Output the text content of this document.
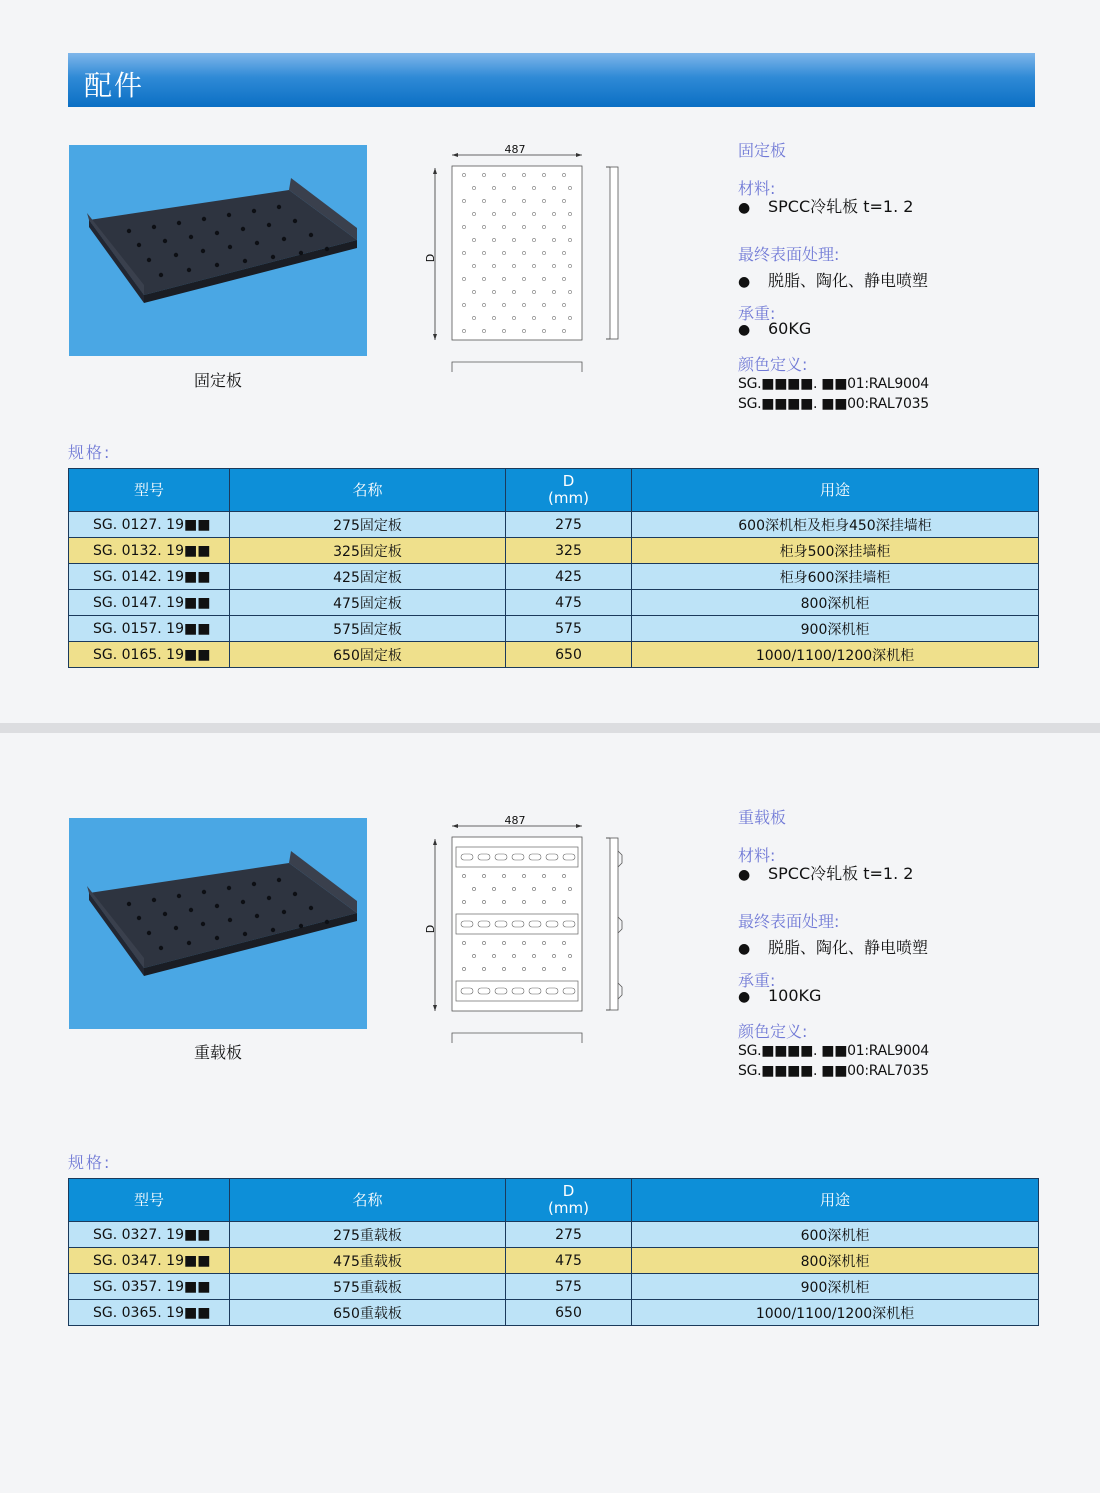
配件
固定板
487
D
固定板
材料:
● SPCC冷轧板 t=1. 2
最终表面处理:
● 脱脂、陶化、静电喷塑
承重:
● 60KG
颜色定义:
SG.■■■■. ■■01:RAL9004
SG.■■■■. ■■00:RAL7035
规格:
型号	名称	D
(mm)	用途
SG. 0127. 19■■	275固定板	275	600深机柜及柜身450深挂墙柜
SG. 0132. 19■■	325固定板	325	柜身500深挂墙柜
SG. 0142. 19■■	425固定板	425	柜身600深挂墙柜
SG. 0147. 19■■	475固定板	475	800深机柜
SG. 0157. 19■■	575固定板	575	900深机柜
SG. 0165. 19■■	650固定板	650	1000/1100/1200深机柜
重载板
487
D
重载板
材料:
● SPCC冷轧板 t=1. 2
最终表面处理:
● 脱脂、陶化、静电喷塑
承重:
● 100KG
颜色定义:
SG.■■■■. ■■01:RAL9004
SG.■■■■. ■■00:RAL7035
规格:
型号	名称	D
(mm)	用途
SG. 0327. 19■■	275重载板	275	600深机柜
SG. 0347. 19■■	475重载板	475	800深机柜
SG. 0357. 19■■	575重载板	575	900深机柜
SG. 0365. 19■■	650重载板	650	1000/1100/1200深机柜
